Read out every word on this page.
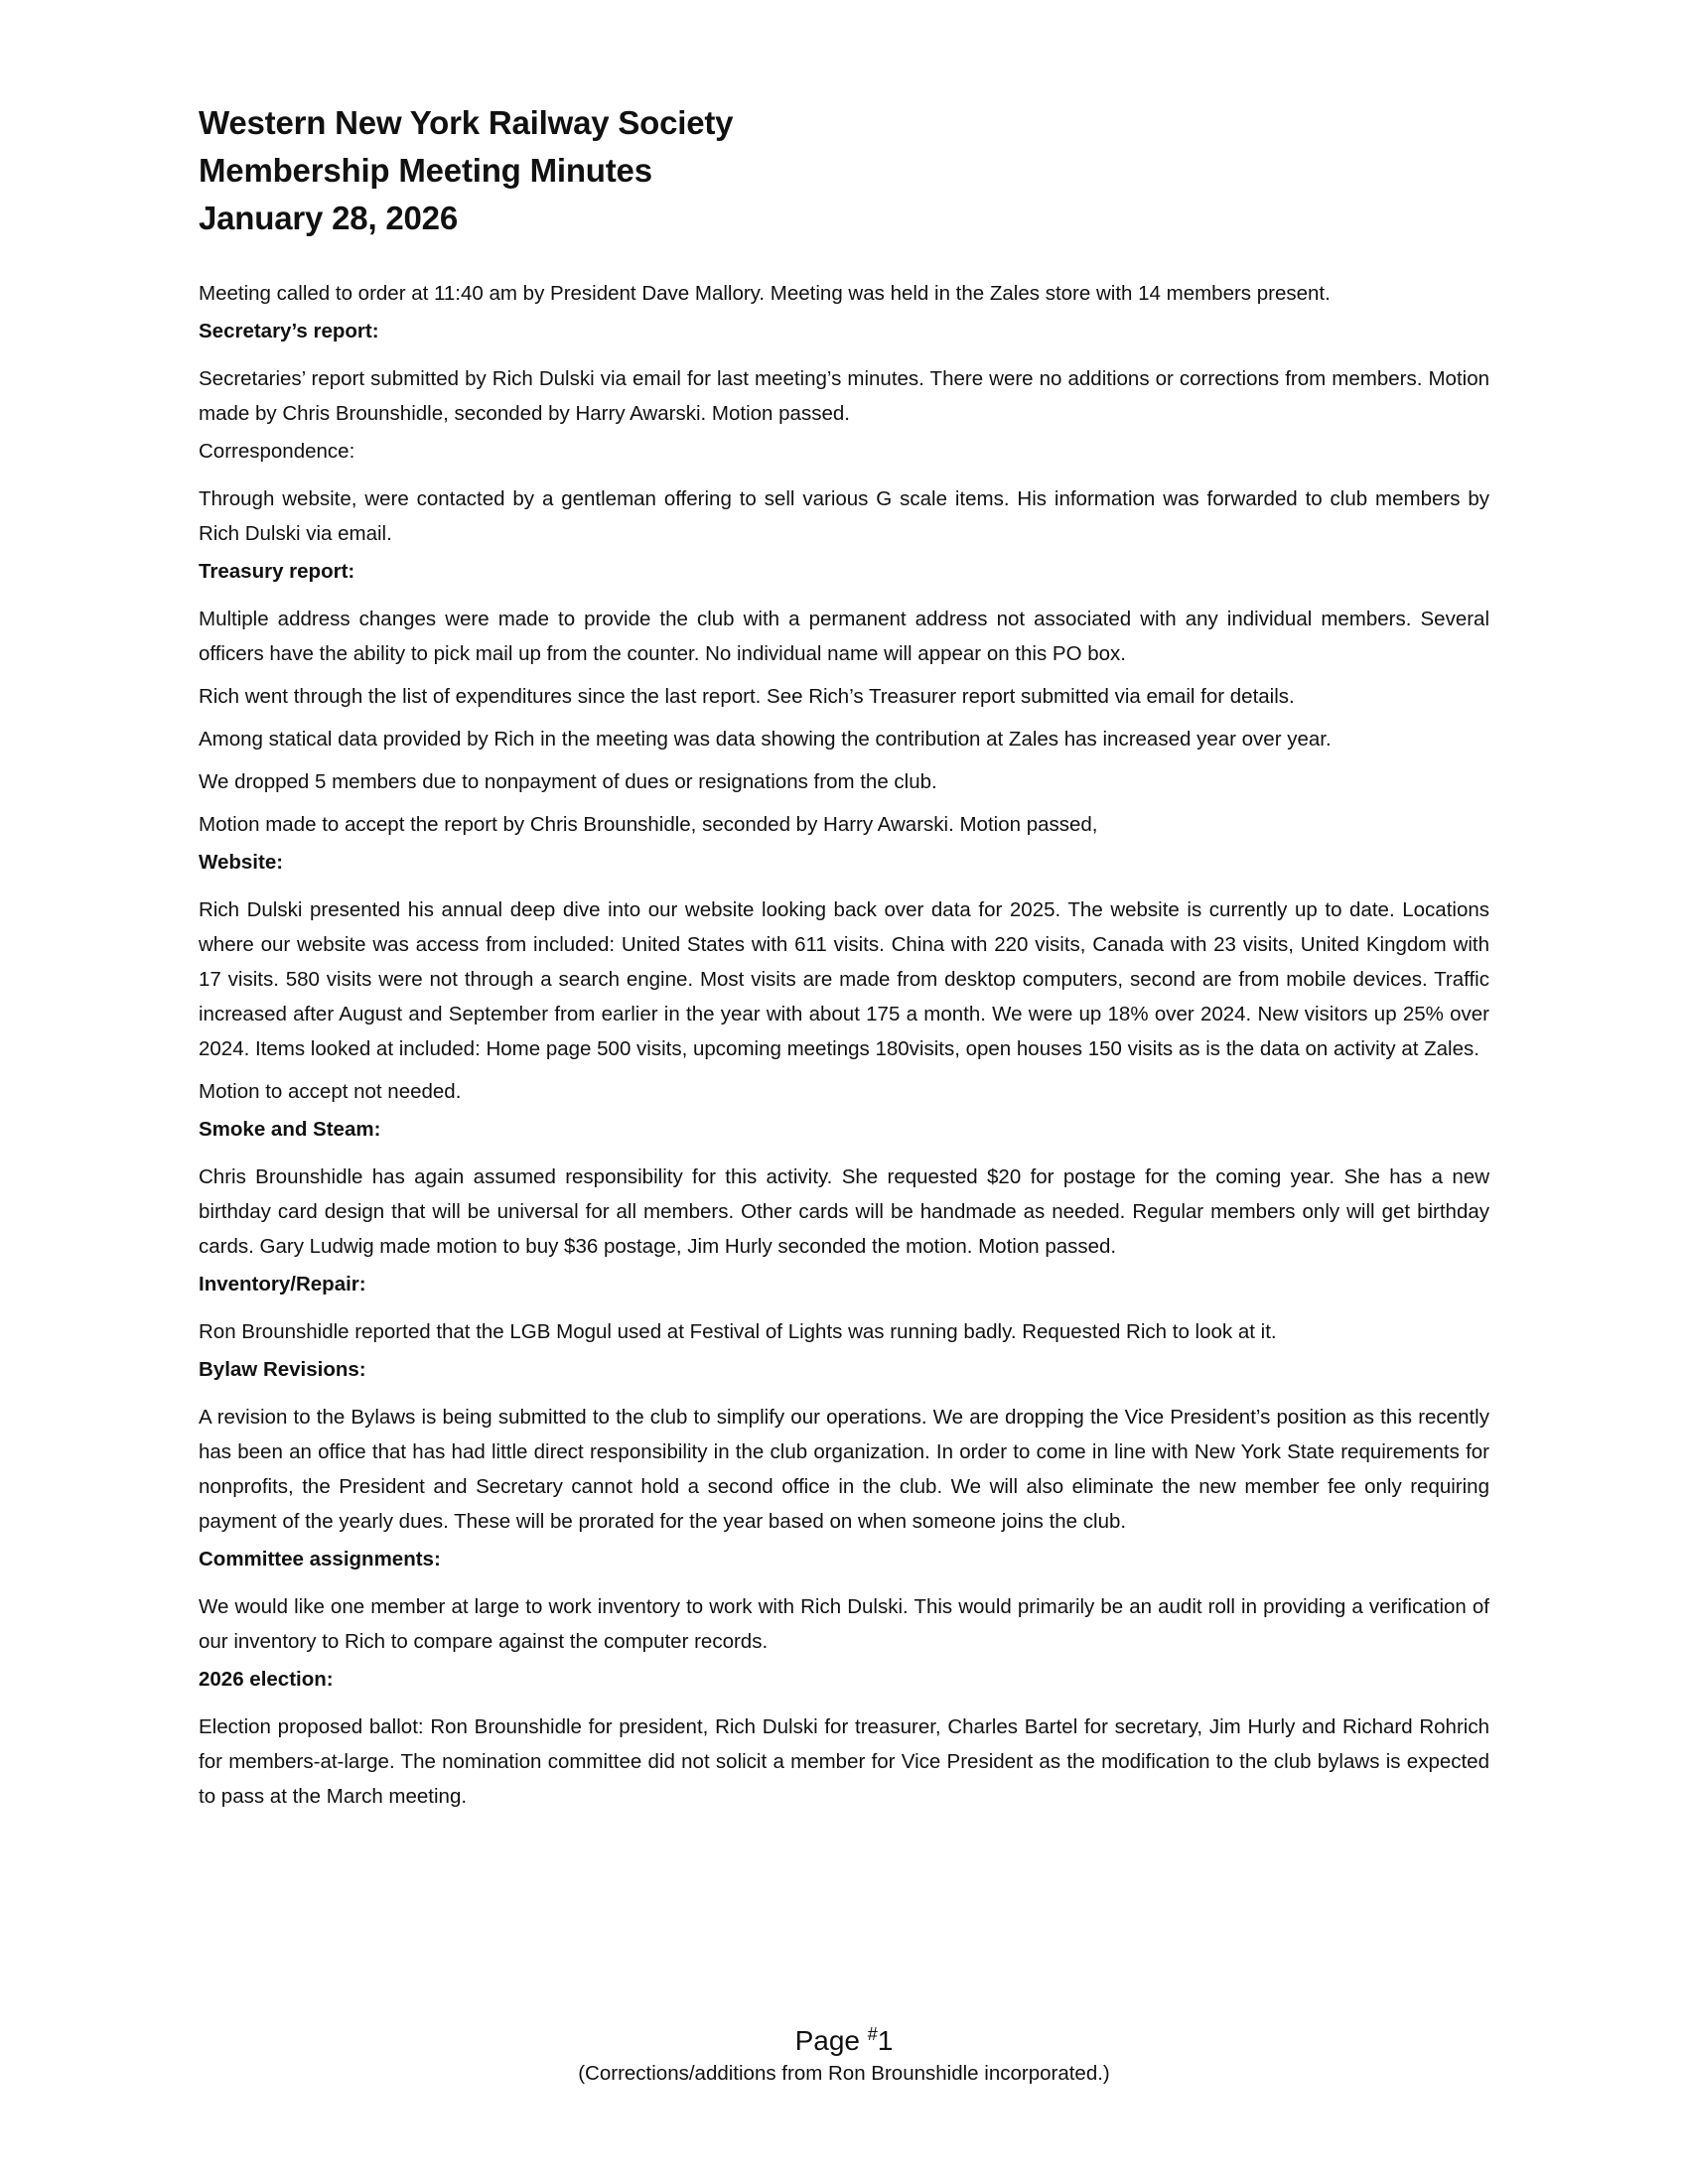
Western New York Railway Society
Membership Meeting Minutes
January 28, 2026
Meeting called to order at 11:40 am by President Dave Mallory. Meeting was held in the Zales store with 14 members present.
Secretary’s report:
Secretaries’ report submitted by Rich Dulski via email for last meeting’s minutes. There were no additions or corrections from members. Motion made by Chris Brounshidle, seconded by Harry Awarski. Motion passed.
Correspondence:
Through website, were contacted by a gentleman offering to sell various G scale items. His information was forwarded to club members by Rich Dulski via email.
Treasury report:
Multiple address changes were made to provide the club with a permanent address not associated with any individual members. Several officers have the ability to pick mail up from the counter. No individual name will appear on this PO box.
Rich went through the list of expenditures since the last report. See Rich’s Treasurer report submitted via email for details.
Among statical data provided by Rich in the meeting was data showing the contribution at Zales has increased year over year.
We dropped 5 members due to nonpayment of dues or resignations from the club.
Motion made to accept the report by Chris Brounshidle, seconded by Harry Awarski. Motion passed,
Website:
Rich Dulski presented his annual deep dive into our website looking back over data for 2025. The website is currently up to date. Locations where our website was access from included: United States with 611 visits. China with 220 visits, Canada with 23 visits, United Kingdom with 17 visits. 580 visits were not through a search engine. Most visits are made from desktop computers, second are from mobile devices. Traffic increased after August and September from earlier in the year with about 175 a month. We were up 18% over 2024. New visitors up 25% over 2024. Items looked at included: Home page 500 visits, upcoming meetings 180visits, open houses 150 visits as is the data on activity at Zales.
Motion to accept not needed.
Smoke and Steam:
Chris Brounshidle has again assumed responsibility for this activity. She requested $20 for postage for the coming year. She has a new birthday card design that will be universal for all members. Other cards will be handmade as needed. Regular members only will get birthday cards. Gary Ludwig made motion to buy $36 postage, Jim Hurly seconded the motion. Motion passed.
Inventory/Repair:
Ron Brounshidle reported that the LGB Mogul used at Festival of Lights was running badly. Requested Rich to look at it.
Bylaw Revisions:
A revision to the Bylaws is being submitted to the club to simplify our operations. We are dropping the Vice President’s position as this recently has been an office that has had little direct responsibility in the club organization. In order to come in line with New York State requirements for nonprofits, the President and Secretary cannot hold a second office in the club. We will also eliminate the new member fee only requiring payment of the yearly dues. These will be prorated for the year based on when someone joins the club.
Committee assignments:
We would like one member at large to work inventory to work with Rich Dulski. This would primarily be an audit roll in providing a verification of our inventory to Rich to compare against the computer records.
2026 election:
Election proposed ballot: Ron Brounshidle for president, Rich Dulski for treasurer, Charles Bartel for secretary, Jim Hurly and Richard Rohrich for members-at-large. The nomination committee did not solicit a member for Vice President as the modification to the club bylaws is expected to pass at the March meeting.
Page #1
(Corrections/additions from Ron Brounshidle incorporated.)
